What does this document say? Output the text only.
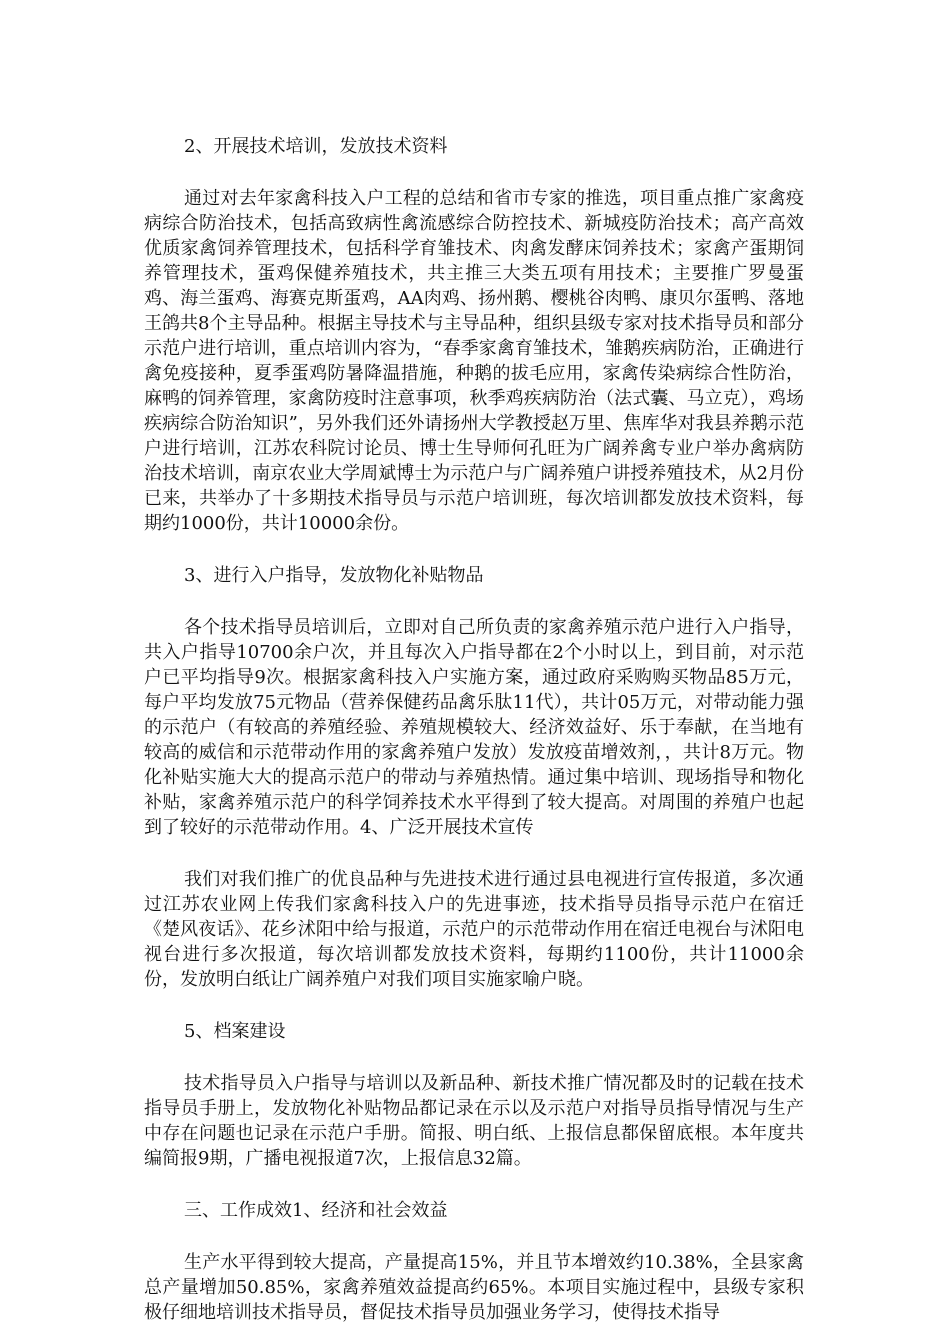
2、开展技术培训，发放技术资料

通过对去年家禽科技入户工程的总结和省市专家的推选，项目重点推广家禽疫病综合防治技术，包括高致病性禽流感综合防控技术、新城疫防治技术；高产高效优质家禽饲养管理技术，包括科学育雏技术、肉禽发酵床饲养技术；家禽产蛋期饲养管理技术，蛋鸡保健养殖技术，共主推三大类五项有用技术；主要推广罗曼蛋鸡、海兰蛋鸡、海赛克斯蛋鸡，AA肉鸡、扬州鹅、樱桃谷肉鸭、康贝尔蛋鸭、落地王鸽共8个主导品种。根据主导技术与主导品种，组织县级专家对技术指导员和部分示范户进行培训，重点培训内容为，“春季家禽育雏技术，雏鹅疾病防治，正确进行禽免疫接种，夏季蛋鸡防暑降温措施，种鹅的拔毛应用，家禽传染病综合性防治，麻鸭的饲养管理，家禽防疫时注意事项，秋季鸡疾病防治（法式囊、马立克），鸡场疾病综合防治知识”，另外我们还外请扬州大学教授赵万里、焦库华对我县养鹅示范户进行培训，江苏农科院讨论员、博士生导师何孔旺为广阔养禽专业户举办禽病防治技术培训，南京农业大学周斌博士为示范户与广阔养殖户讲授养殖技术，从2月份已来，共举办了十多期技术指导员与示范户培训班，每次培训都发放技术资料，每期约1000份，共计10000余份。

3、进行入户指导，发放物化补贴物品

各个技术指导员培训后，立即对自己所负责的家禽养殖示范户进行入户指导，共入户指导10700余户次，并且每次入户指导都在2个小时以上，到目前，对示范户已平均指导9次。根据家禽科技入户实施方案，通过政府采购购买物品85万元，每户平均发放75元物品（营养保健药品禽乐肽11代），共计05万元，对带动能力强的示范户（有较高的养殖经验、养殖规模较大、经济效益好、乐于奉献，在当地有较高的威信和示范带动作用的家禽养殖户发放）发放疫苗增效剂，，共计8万元。物化补贴实施大大的提高示范户的带动与养殖热情。通过集中培训、现场指导和物化补贴，家禽养殖示范户的科学饲养技术水平得到了较大提高。对周围的养殖户也起到了较好的示范带动作用。4、广泛开展技术宣传

我们对我们推广的优良品种与先进技术进行通过县电视进行宣传报道，多次通过江苏农业网上传我们家禽科技入户的先进事迹，技术指导员指导示范户在宿迁《楚风夜话》、花乡沭阳中给与报道，示范户的示范带动作用在宿迁电视台与沭阳电视台进行多次报道，每次培训都发放技术资料，每期约1100份，共计11000余份，发放明白纸让广阔养殖户对我们项目实施家喻户晓。

5、档案建设

技术指导员入户指导与培训以及新品种、新技术推广情况都及时的记载在技术指导员手册上，发放物化补贴物品都记录在示以及示范户对指导员指导情况与生产中存在问题也记录在示范户手册。简报、明白纸、上报信息都保留底根。本年度共编简报9期，广播电视报道7次，上报信息32篇。

三、工作成效1、经济和社会效益

生产水平得到较大提高，产量提高15%，并且节本增效约10.38%，全县家禽总产量增加50.85%，家禽养殖效益提高约65%。本项目实施过程中，县级专家积极仔细地培训技术指导员，督促技术指导员加强业务学习，使得技术指导
